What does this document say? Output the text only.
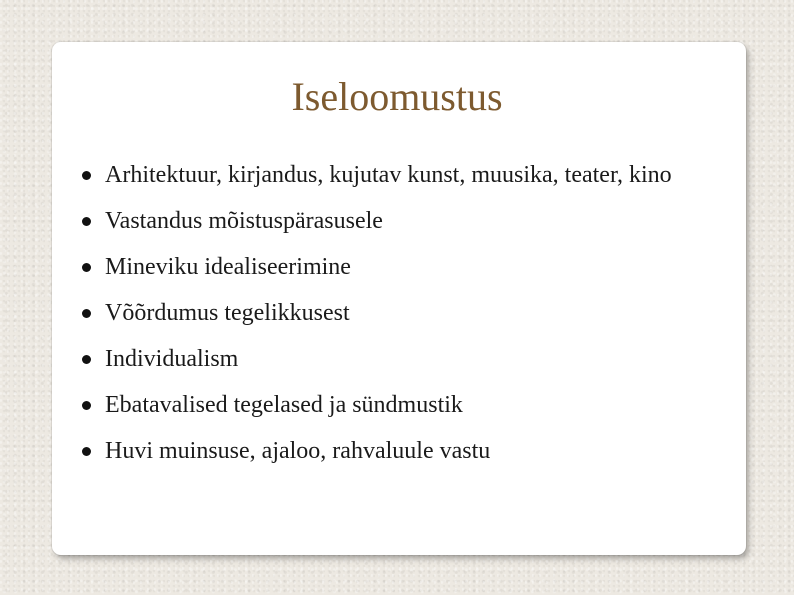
Iseloomustus
Arhitektuur, kirjandus, kujutav kunst, muusika, teater, kino
Vastandus mõistuspärasusele
Mineviku idealiseerimine
Võõrdumus tegelikkusest
Individualism
Ebatavalised tegelased ja sündmustik
Huvi muinsuse, ajaloo, rahvaluule vastu
